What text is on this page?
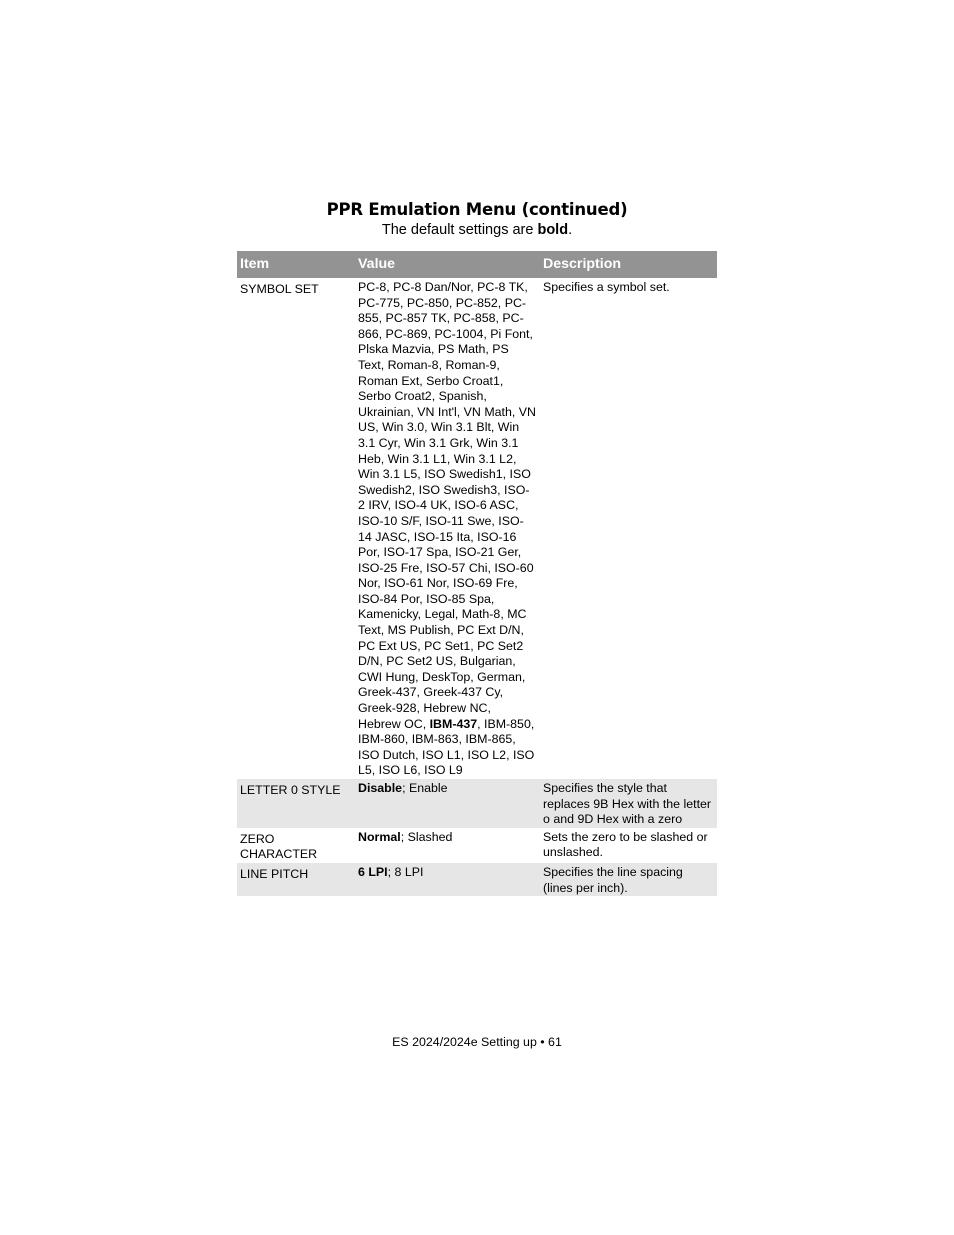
PPR Emulation Menu (continued)
The default settings are bold.
Item	Value	Description
SYMBOL SET	PC-8, PC-8 Dan/Nor, PC-8 TK, PC-775, PC-850, PC-852, PC-855, PC-857 TK, PC-858, PC-866, PC-869, PC-1004, Pi Font, Plska Mazvia, PS Math, PS Text, Roman-8, Roman-9, Roman Ext, Serbo Croat1, Serbo Croat2, Spanish, Ukrainian, VN Int'l, VN Math, VN US, Win 3.0, Win 3.1 Blt, Win 3.1 Cyr, Win 3.1 Grk, Win 3.1 Heb, Win 3.1 L1, Win 3.1 L2, Win 3.1 L5, ISO Swedish1, ISO Swedish2, ISO Swedish3, ISO-2 IRV, ISO-4 UK, ISO-6 ASC, ISO-10 S/F, ISO-11 Swe, ISO-14 JASC, ISO-15 Ita, ISO-16 Por, ISO-17 Spa, ISO-21 Ger, ISO-25 Fre, ISO-57 Chi, ISO-60 Nor, ISO-61 Nor, ISO-69 Fre, ISO-84 Por, ISO-85 Spa, Kamenicky, Legal, Math-8, MC Text, MS Publish, PC Ext D/N, PC Ext US, PC Set1, PC Set2 D/N, PC Set2 US, Bulgarian, CWI Hung, DeskTop, German, Greek-437, Greek-437 Cy, Greek-928, Hebrew NC, Hebrew OC, IBM-437, IBM-850, IBM-860, IBM-863, IBM-865, ISO Dutch, ISO L1, ISO L2, ISO L5, ISO L6, ISO L9	Specifies a symbol set.
LETTER 0 STYLE	Disable; Enable	Specifies the style that replaces 9B Hex with the letter o and 9D Hex with a zero
ZERO CHARACTER	Normal; Slashed	Sets the zero to be slashed or unslashed.
LINE PITCH	6 LPI; 8 LPI	Specifies the line spacing (lines per inch).
ES 2024/2024e Setting up • 61
